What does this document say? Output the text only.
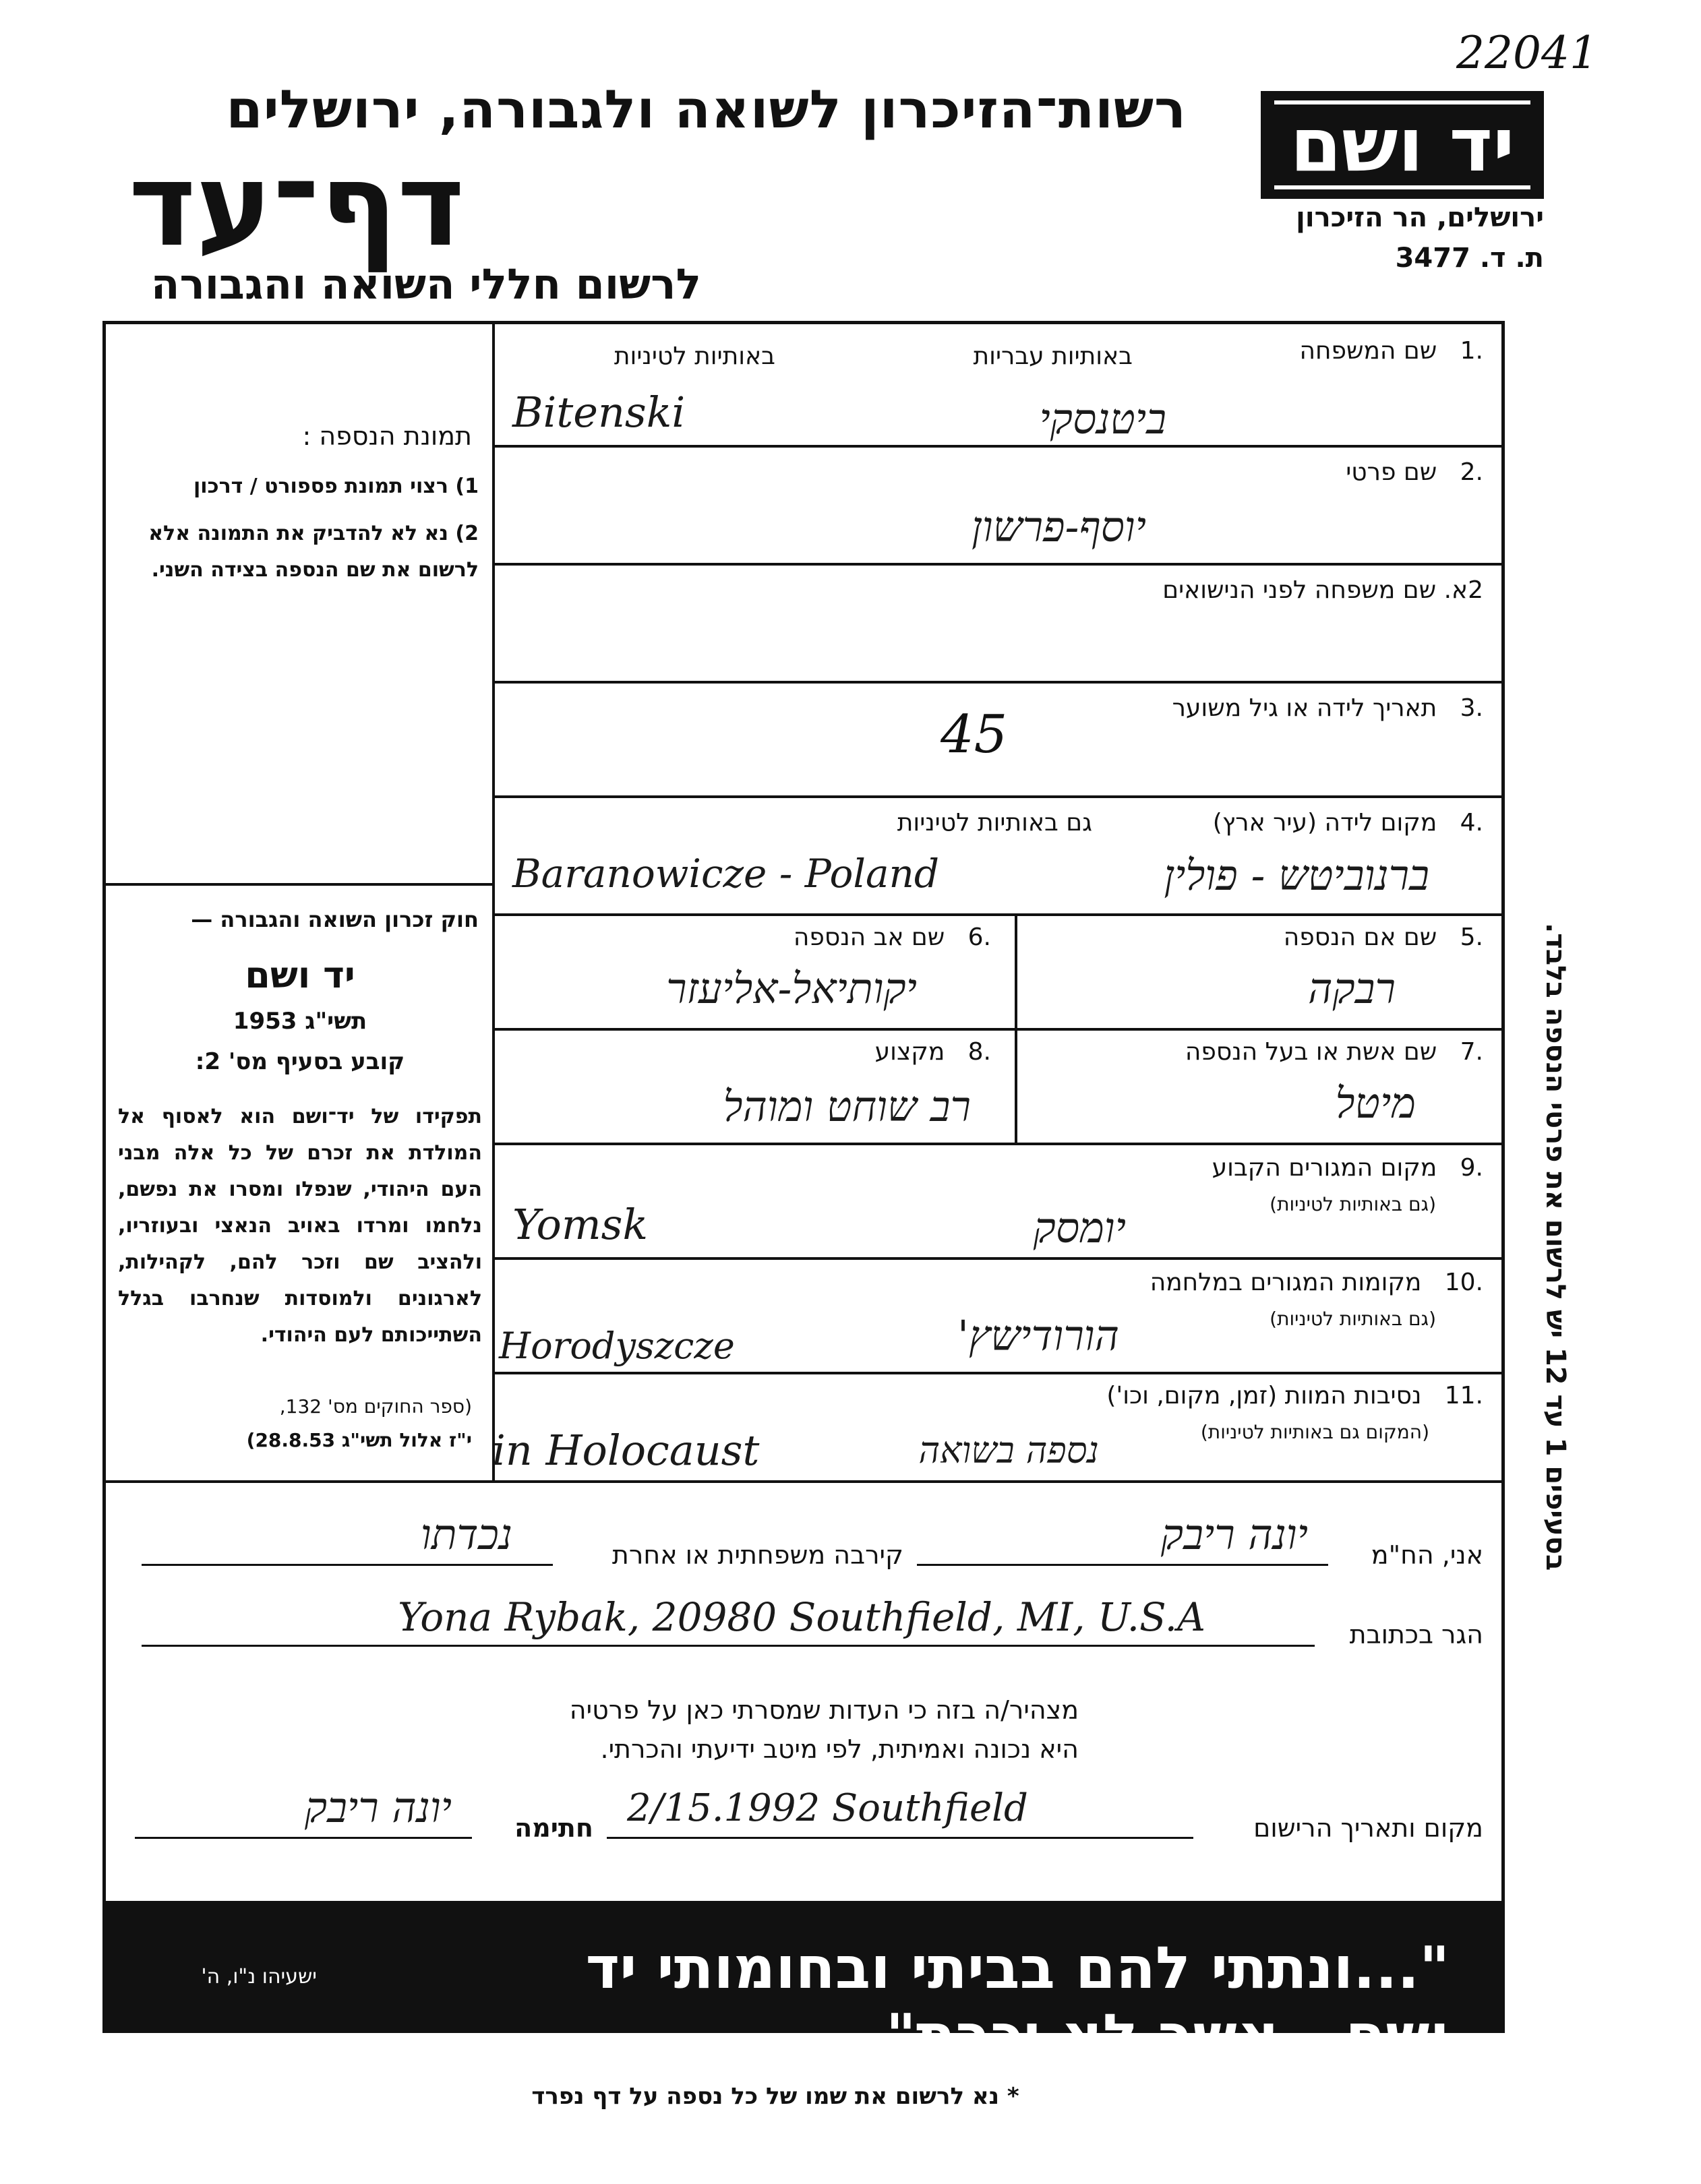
22041
רשות־הזיכרון לשואה ולגבורה, ירושלים
דף־עד
לרשום חללי השואה והגבורה
יד ושם
ירושלים, הר הזיכרון
ת. ד. 3477
.1   שם המשפחה
באותיות עבריות
באותיות לטיניות
Bitenski	ביטנסקי
.2   שם פרטי
יוסף-פרשון
2א. שם משפחה לפני הנישואים
.3   תאריך לידה או גיל משוער
45
.4   מקום לידה (עיר ארץ)
גם באותיות לטיניות
Baranowicze - Poland	ברנוביטש - פולין
.5   שם אם הנספה
רבקה
.6   שם אב הנספה
יקותיאל-אליעזר
.7   שם אשת או בעל הנספה
מיטל
.8   מקצוע
רב שוחט ומוהל
.9   מקום המגורים הקבוע
(גם באותיות לטיניות)
Yomsk	יומסק
.10   מקומות המגורים במלחמה
(גם באותיות לטיניות)
Horodyszcze	הורודישץ'
.11   נסיבות המוות (זמן, מקום, וכו')
(המקום גם באותיות לטיניות)
in Holocaust	נספה בשואה
תמונת הנספה :
1) רצוי תמונת פספורט / דרכון
2) נא לא להדביק את התמונה אלא לרשום את שם הנספה בצידה השני.
חוק זכרון השואה והגבורה —
יד ושם
תשי"ג 1953
קובע בסעיף מס' 2:
תפקידו של יד־ושם הוא לאסוף אל המולדת את זכרם של כל אלה מבני העם היהודי, שנפלו ומסרו את נפשם, נלחמו ומרדו באויב הנאצי ובעוזריו, ולהציב שם וזכר להם, לקהילות, לארגונים ולמוסדות שנחרבו בגלל השתייכותם לעם היהודי.
(ספר החוקים מס' 132,
י"ז אלול תשי"ג 28.8.53)
בסעיפים 1 עד 12 יש לרשום את פרטי הנספה בלבד.
אני, הח"מ
יונה ריבק
קירבה משפחתית או אחרת
נכדתו
הגר בכתובת
Yona Rybak, 20980 Southfield, MI, U.S.A
מצהיר/ה בזה כי העדות שמסרתי כאן על פרטיה
היא נכונה ואמיתית, לפי מיטב ידיעתי והכרתי.
מקום ותאריך הרישום
2/15.1992 Southfield
חתימה
יונה ריבק
"...ונתתי להם בביתי ובחומותי יד ושם...אשר לא יכרת"
ישעיהו נ"ו, ה'
* נא לרשום את שמו של כל נספה על דף נפרד
